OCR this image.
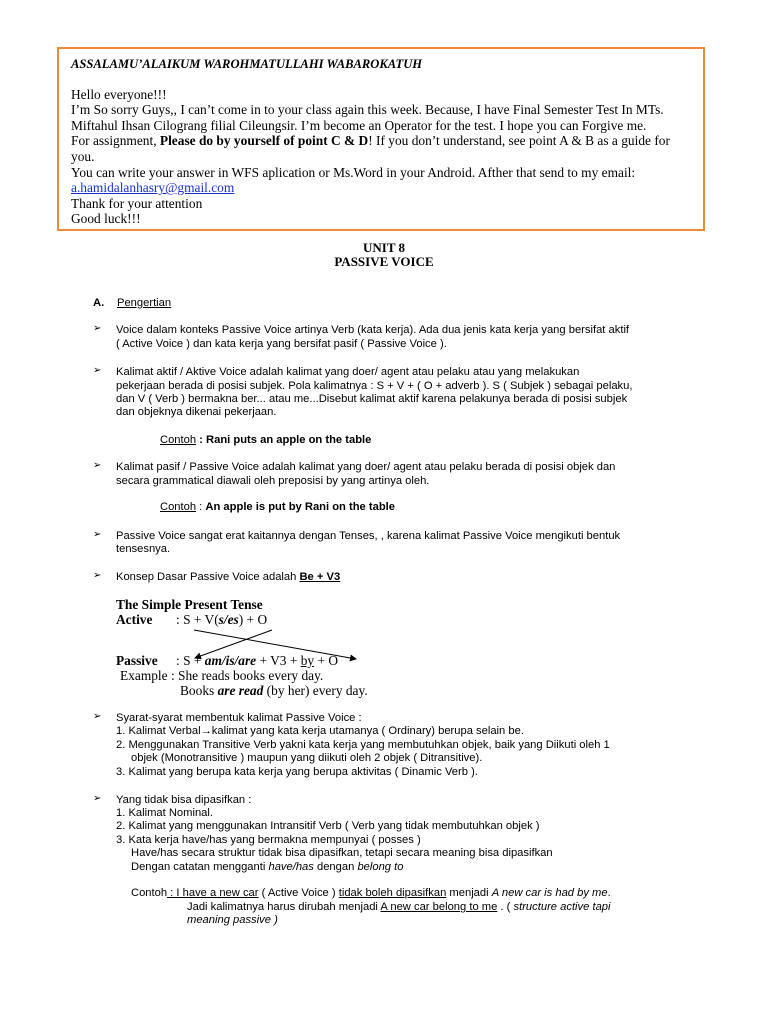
ASSALAMU’ALAIKUM WAROHMATULLAHI WABAROKATUH

Hello everyone!!!

I’m So sorry Guys,, I can’t come in to your class again this week. Because, I have Final Semester Test In MTs. Miftahul Ihsan Cilograng filial Cileungsir. I’m become an Operator for the test. I hope you can Forgive me.

For assignment, Please do by yourself of point C & D! If you don’t understand, see point A & B as a guide for you.

You can write your answer in WFS aplication or Ms.Word in your Android. Afther that send to my email: a.hamidalanhasry@gmail.com

Thank for your attention

Good luck!!!

UNIT 8
PASSIVE VOICE
A. Pengertian
➢ Voice dalam konteks Passive Voice artinya Verb (kata kerja). Ada dua jenis kata kerja yang bersifat aktif
( Active Voice ) dan kata kerja yang bersifat pasif ( Passive Voice ).
➢ Kalimat aktif / Aktive Voice adalah kalimat yang doer/ agent atau pelaku atau yang melakukan
pekerjaan berada di posisi subjek. Pola kalimatnya : S + V + ( O + adverb ). S ( Subjek ) sebagai pelaku,
dan V ( Verb ) bermakna ber... atau me...Disebut kalimat aktif karena pelakunya berada di posisi subjek
dan objeknya dikenai pekerjaan.
Contoh : Rani puts an apple on the table
➢ Kalimat pasif / Passive Voice adalah kalimat yang doer/ agent atau pelaku berada di posisi objek dan
secara grammatical diawali oleh preposisi by yang artinya oleh.
Contoh : An apple is put by Rani on the table
➢ Passive Voice sangat erat kaitannya dengan Tenses, , karena kalimat Passive Voice mengikuti bentuk
tensesnya.
➢ Konsep Dasar Passive Voice adalah Be + V3
The Simple Present Tense
Active : S + V(s/es) + O
Passive : S + am/is/are + V3 + by + O
Example : She reads books every day.
Books are read (by her) every day.
➢ Syarat-syarat membentuk kalimat Passive Voice :
1. Kalimat Verbal→kalimat yang kata kerja utamanya ( Ordinary) berupa selain be.
2. Menggunakan Transitive Verb yakni kata kerja yang membutuhkan objek, baik yang Diikuti oleh 1
objek (Monotransitive ) maupun yang diikuti oleh 2 objek ( Ditransitive).
3. Kalimat yang berupa kata kerja yang berupa aktivitas ( Dinamic Verb ).
➢ Yang tidak bisa dipasifkan :
1. Kalimat Nominal.
2. Kalimat yang menggunakan Intransitif Verb ( Verb yang tidak membutuhkan objek )
3. Kata kerja have/has yang bermakna mempunyai ( posses )
Have/has secara struktur tidak bisa dipasifkan, tetapi secara meaning bisa dipasifkan
Dengan catatan mengganti have/has dengan belong to
Contoh : I have a new car ( Active Voice ) tidak boleh dipasifkan menjadi A new car is had by me.
Jadi kalimatnya harus dirubah menjadi A new car belong to me . ( structure active tapi
meaning passive )
